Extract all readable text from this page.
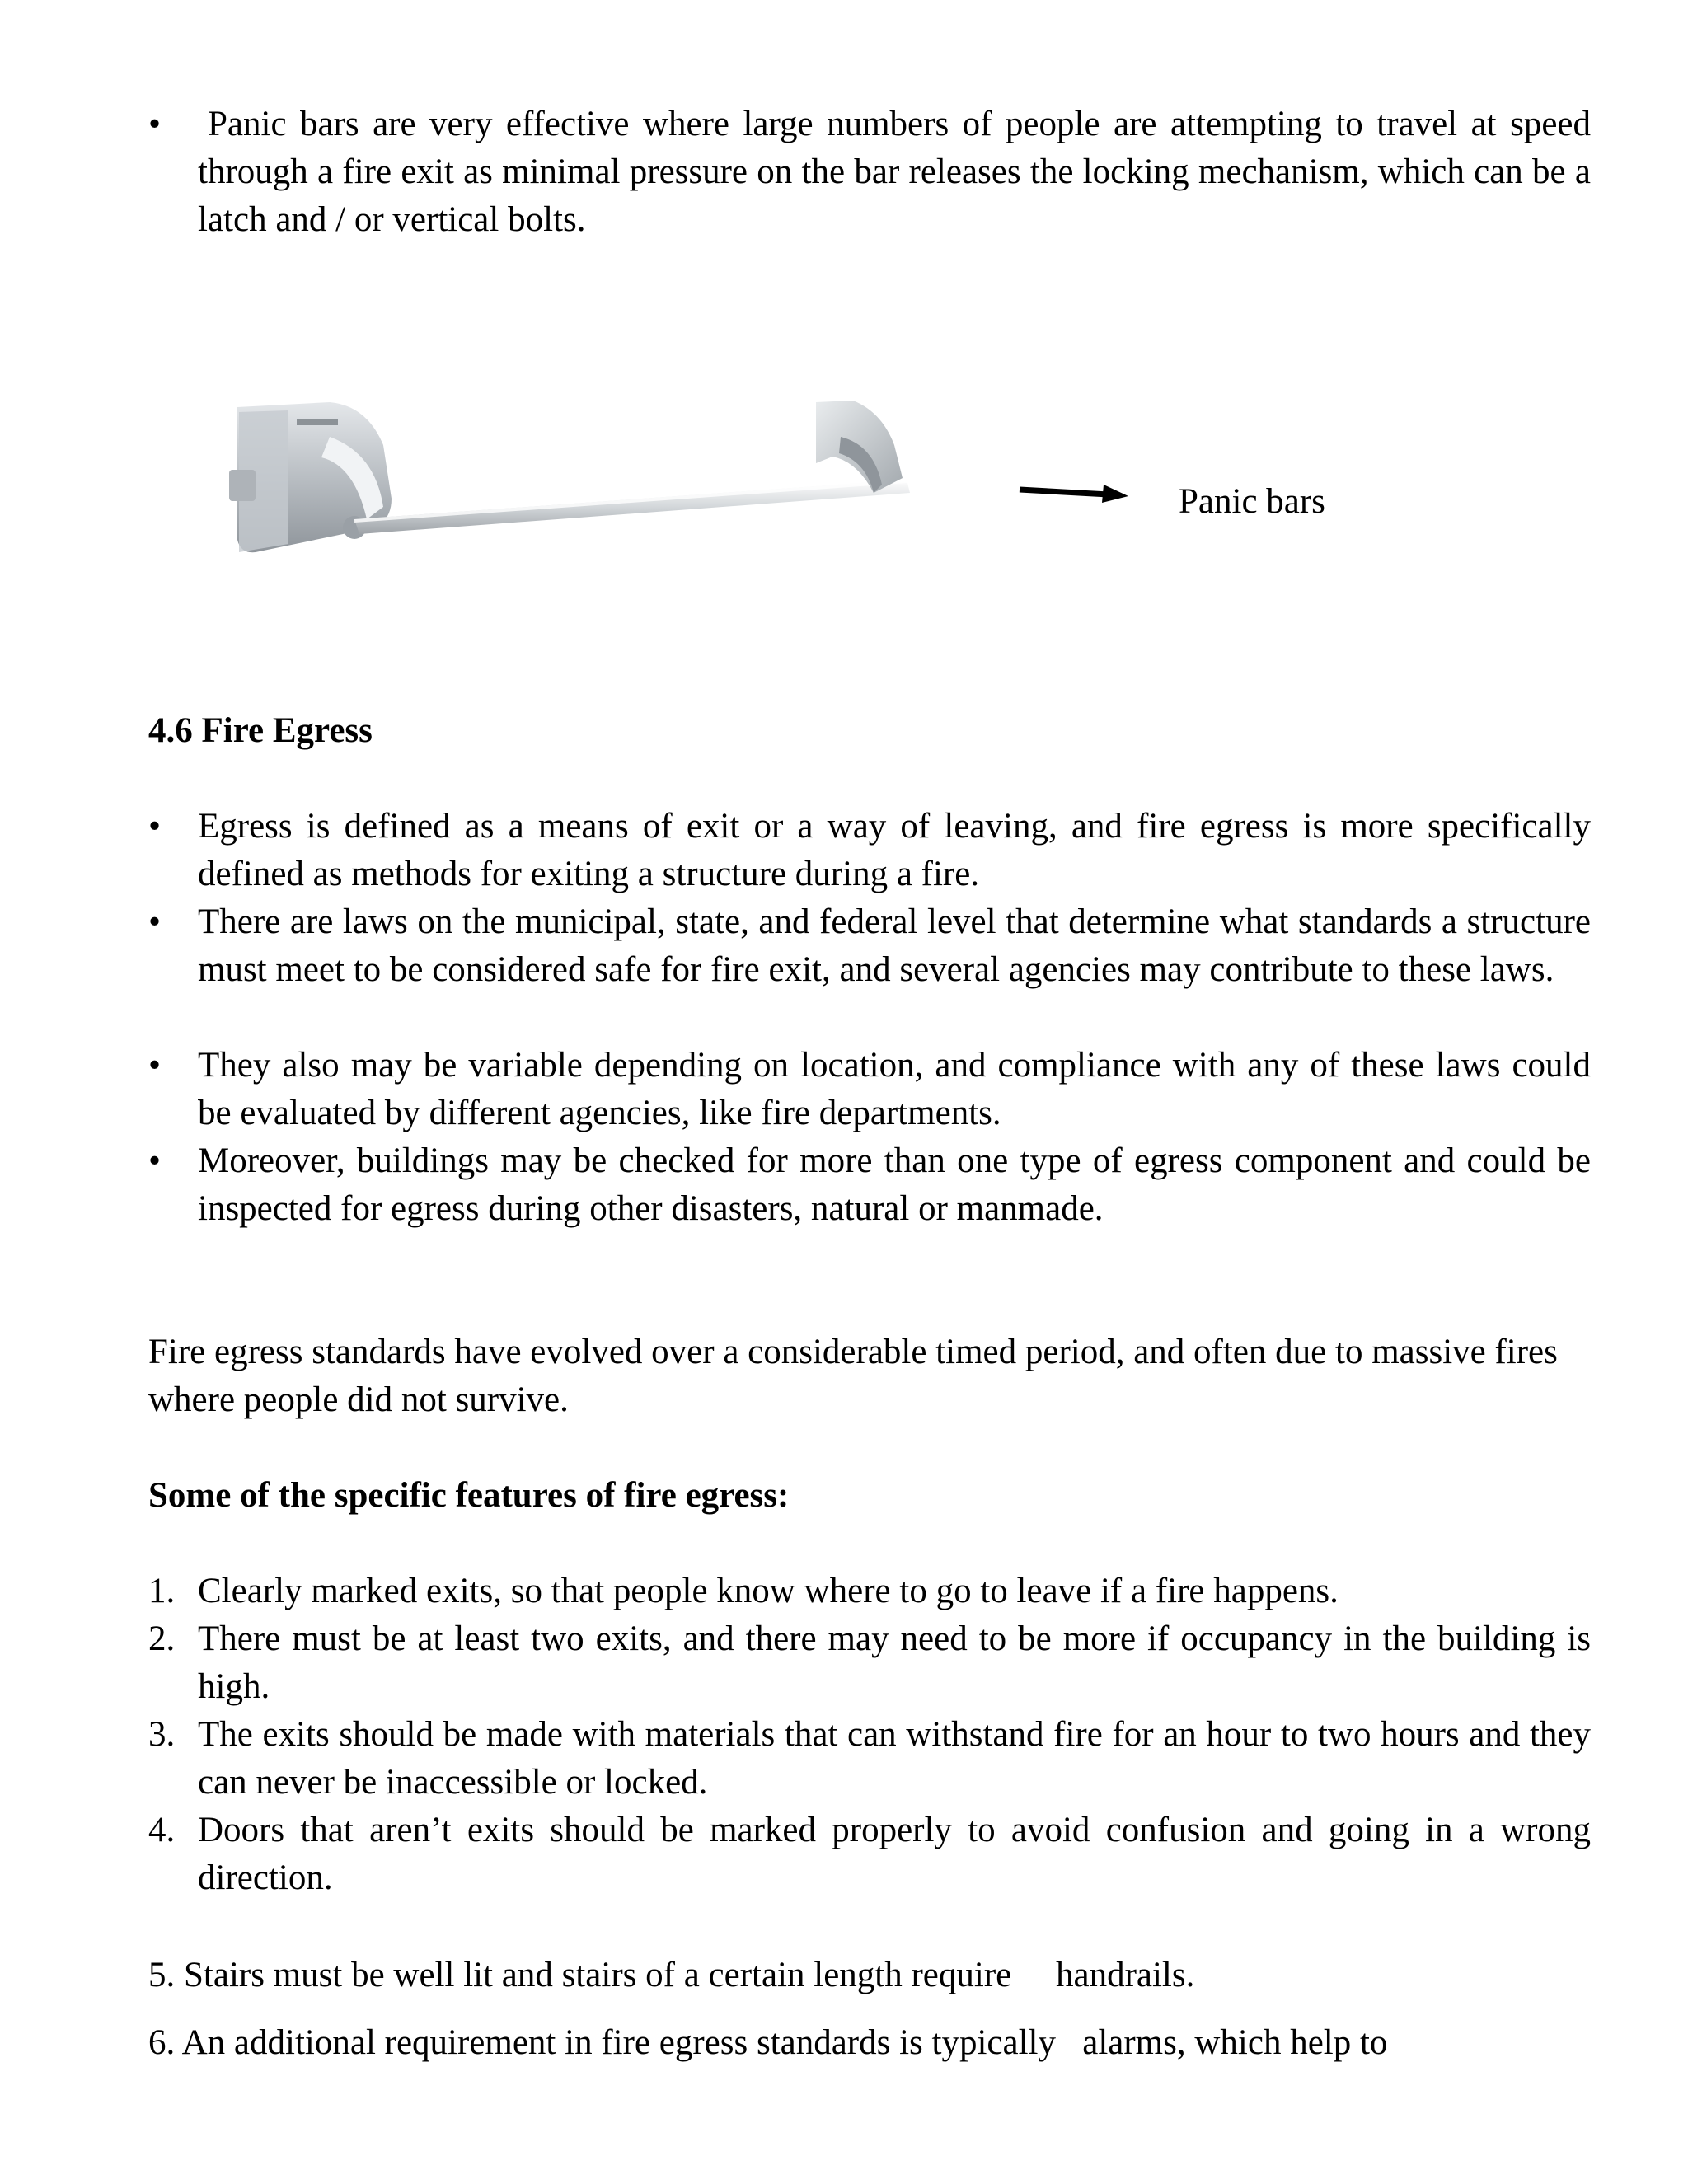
• Panic bars are very effective where large numbers of people are attempting to travel at speed through a fire exit as minimal pressure on the bar releases the locking mechanism, which can be a latch and / or vertical bolts.

Panic bars
4.6 Fire Egress
• Egress is defined as a means of exit or a way of leaving, and fire egress is more specifically defined as methods for exiting a structure during a fire.

• There are laws on the municipal, state, and federal level that determine what standards a structure must meet to be considered safe for fire exit, and several agencies may contribute to these laws.

• They also may be variable depending on location, and compliance with any of these laws could be evaluated by different agencies, like fire departments.

• Moreover, buildings may be checked for more than one type of egress component and could be inspected for egress during other disasters, natural or manmade.

Fire egress standards have evolved over a considerable timed period, and often due to massive fires where people did not survive.

Some of the specific features of fire egress:
1. Clearly marked exits, so that people know where to go to leave if a fire happens.

2. There must be at least two exits, and there may need to be more if occupancy in the building is high.

3. The exits should be made with materials that can withstand fire for an hour to two hours and they can never be inaccessible or locked.

4. Doors that aren’t exits should be marked properly to avoid confusion and going in a wrong direction.

5. Stairs must be well lit and stairs of a certain length require     handrails.
6. An additional requirement in fire egress standards is typically   alarms, which help to
